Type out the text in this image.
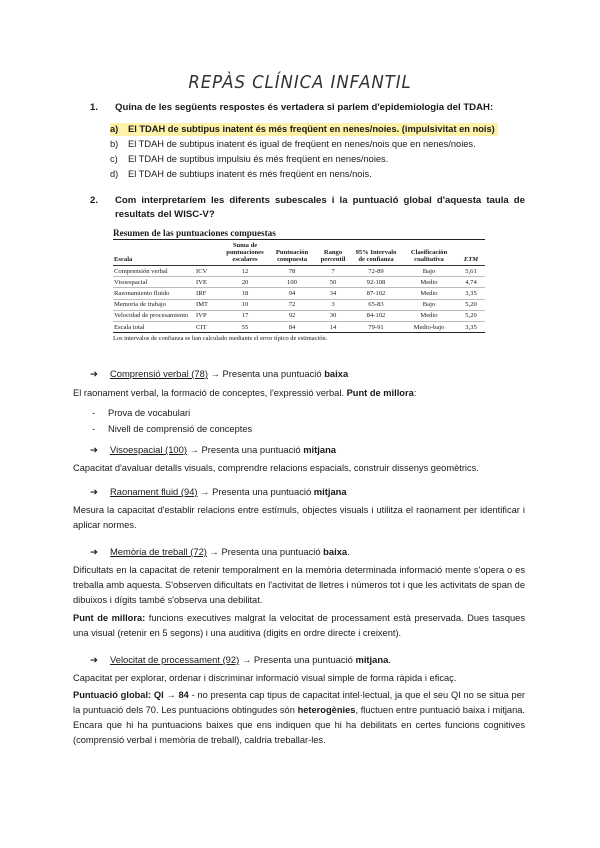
REPÀS CLÍNICA INFANTIL
1. Quina de les següents respostes és vertadera si parlem d'epidemiologia del TDAH:
a) El TDAH de subtipus inatent és més freqüent en nenes/noies. (impulsivitat en nois)
b) El TDAH de subtipus inatent és igual de freqüent en nenes/nois que en nenes/noies.
c) El TDAH de suptibus impulsiu és més freqüent en nenes/noies.
d) El TDAH de subtiups inatent és més freqüent en nens/nois.
2. Com interpretaríem les diferents subescales i la puntuació global d'aquesta taula de resultats del WISC-V?
Resumen de las puntuaciones compuestas
Escala		Suma de puntuaciones escalares	Puntuación compuesta	Rango percentil	95% Intervalo de confianza	Clasificación cualitativa	ETM
Comprensión verbal	ICV	12	78	7	72-89	Bajo	5,61
Visoespacial	IVE	20	100	50	92-108	Medio	4,74
Razonamiento fluido	IRF	18	94	34	87-102	Medio	3,35
Memoria de trabajo	IMT	10	72	3	65-83	Bajo	5,20
Velocidad de procesamiento	IVP	17	92	30	84-102	Medio	5,20
Escala total	CIT	55	84	14	79-91	Medio-bajo	3,35
Los intervalos de confianza se han calculado mediante el error típico de estimación.
➔ Comprensió verbal (78) → Presenta una puntuació baixa
El raonament verbal, la formació de conceptes, l'expressió verbal. Punt de millora:
- Prova de vocabulari
- Nivell de comprensió de conceptes
➔ Visoespacial (100) → Presenta una puntuació mitjana
Capacitat d'avaluar detalls visuals, comprendre relacions espacials, construir dissenys geomètrics.
➔ Raonament fluid (94) → Presenta una puntuació mitjana
Mesura la capacitat d'establir relacions entre estímuls, objectes visuals i utilitza el raonament per identificar i aplicar normes.
➔ Memòria de treball (72) → Presenta una puntuació baixa.
Dificultats en la capacitat de retenir temporalment en la memòria determinada informació mente s'opera o es treballa amb aquesta. S'observen dificultats en l'activitat de lletres i números tot i que les activitats de span de dibuixos i dígits també s'observa una debilitat.
Punt de millora: funcions executives malgrat la velocitat de processament està preservada. Dues tasques una visual (retenir en 5 segons) i una auditiva (digits en ordre directe i creixent).
➔ Velocitat de processament (92) → Presenta una puntuació mitjana.
Capacitat per explorar, ordenar i discriminar informació visual simple de forma ràpida i eficaç.
Puntuació global: QI → 84 - no presenta cap tipus de capacitat intel·lectual, ja que el seu QI no se situa per la puntuació dels 70. Les puntuacions obtingudes són heterogènies, fluctuen entre puntuació baixa i mitjana. Encara que hi ha puntuacions baixes que ens indiquen que hi ha debilitats en certes funcions cognitives (comprensió verbal i memòria de treball), caldria treballar-les.
